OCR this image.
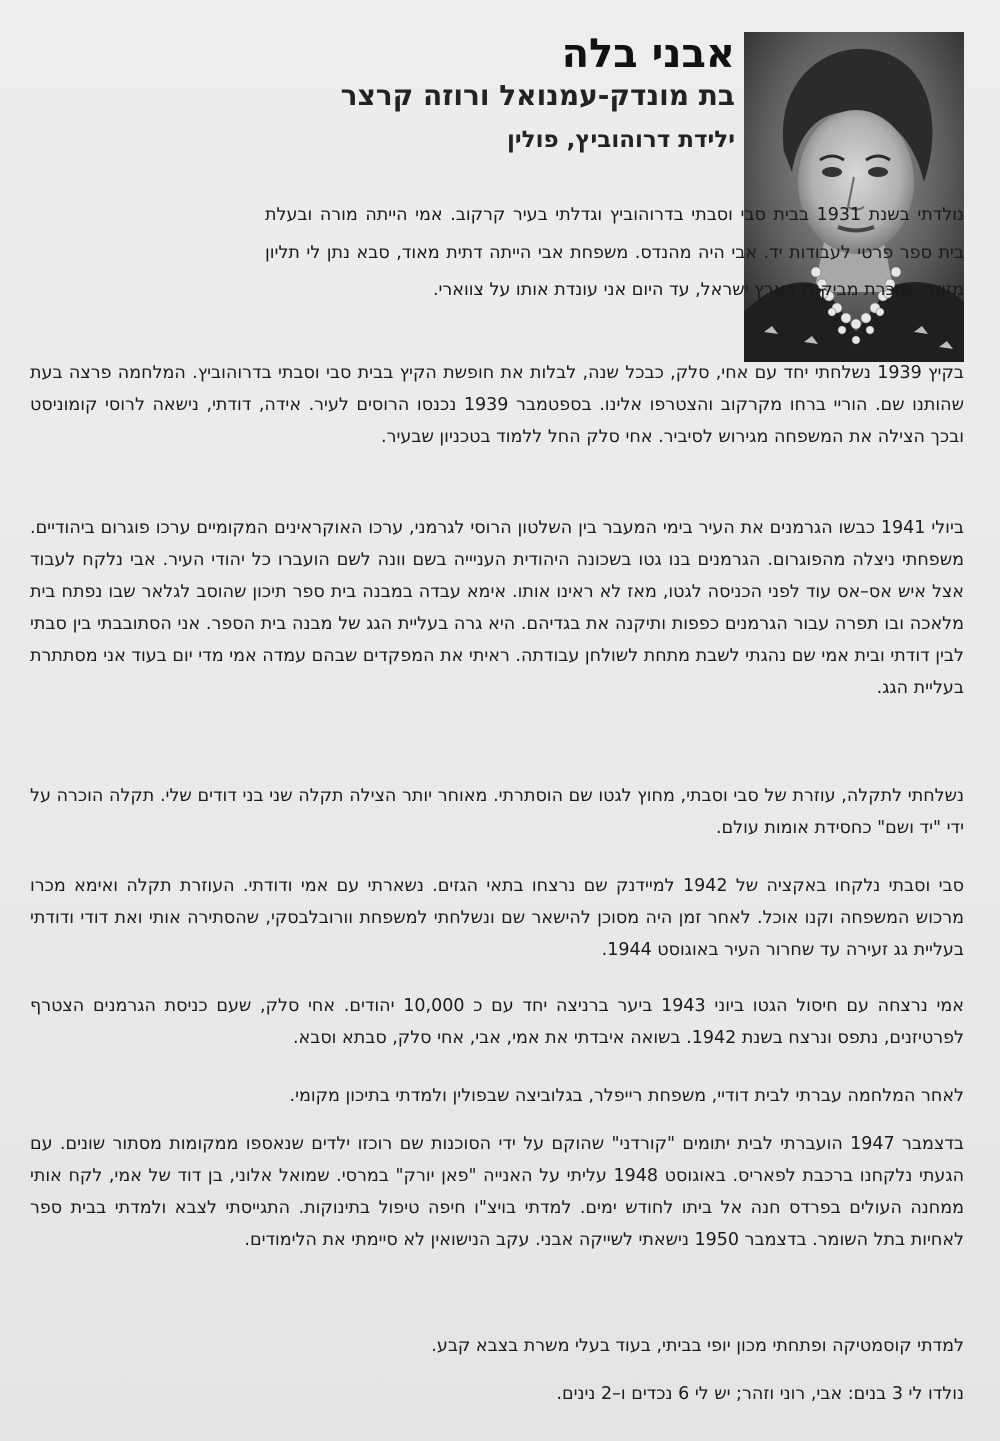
אבני בלה
בת מונדק-עמנואל ורוזה קרצר
ילידת דרוהוביץ, פולין

נולדתי בשנת 1931 בבית סבי וסבתי בדרוהוביץ וגדלתי בעיר קרקוב. אמי הייתה מורה ובעלת בית ספר פרטי לעבודות יד. אבי היה מהנדס. משפחת אבי הייתה דתית מאוד, סבא נתן לי תליון מזוזה, מזכרת מביקורו בארץ ישראל, עד היום אני עונדת אותו על צווארי.

בקיץ 1939 נשלחתי יחד עם אחי, סלק, כבכל שנה, לבלות את חופשת הקיץ בבית סבי וסבתי בדרוהוביץ. המלחמה פרצה בעת שהותנו שם. הוריי ברחו מקרקוב והצטרפו אלינו. בספטמבר 1939 נכנסו הרוסים לעיר. אידה, דודתי, נישאה לרוסי קומוניסט ובכך הצילה את המשפחה מגירוש לסיביר. אחי סלק החל ללמוד בטכניון שבעיר.

ביולי 1941 כבשו הגרמנים את העיר בימי המעבר בין השלטון הרוסי לגרמני, ערכו האוקראינים המקומיים ערכו פוגרום ביהודיים. משפחתי ניצלה מהפוגרום. הגרמנים בנו גטו בשכונה היהודית העניייה בשם וונה לשם הועברו כל יהודי העיר. אבי נלקח לעבוד אצל איש אס–אס עוד לפני הכניסה לגטו, מאז לא ראינו אותו. אימא עבדה במבנה בית ספר תיכון שהוסב לגלאר שבו נפתח בית מלאכה ובו תפרה עבור הגרמנים כפפות ותיקנה את בגדיהם. היא גרה בעליית הגג של מבנה בית הספר. אני הסתובבתי בין סבתי לבין דודתי ובית אמי שם נהגתי לשבת מתחת לשולחן עבודתה. ראיתי את המפקדים שבהם עמדה אמי מדי יום בעוד אני מסתתרת בעליית הגג.

נשלחתי לתקלה, עוזרת של סבי וסבתי, מחוץ לגטו שם הוסתרתי. מאוחר יותר הצילה תקלה שני בני דודים שלי. תקלה הוכרה על ידי "יד ושם" כחסידת אומות עולם.

סבי וסבתי נלקחו באקציה של 1942 למיידנק שם נרצחו בתאי הגזים. נשארתי עם אמי ודודתי. העוזרת תקלה ואימא מכרו מרכוש המשפחה וקנו אוכל. לאחר זמן היה מסוכן להישאר שם ונשלחתי למשפחת וורובלבסקי, שהסתירה אותי ואת דודי ודודתי בעליית גג זעירה עד שחרור העיר באוגוסט 1944.

אמי נרצחה עם חיסול הגטו ביוני 1943 ביער ברניצה יחד עם כ 10,000 יהודים. אחי סלק, שעם כניסת הגרמנים הצטרף לפרטיזנים, נתפס ונרצח בשנת 1942. בשואה איבדתי את אמי, אבי, אחי סלק, סבתא וסבא.

לאחר המלחמה עברתי לבית דודיי, משפחת רייפלר, בגלוביצה שבפולין ולמדתי בתיכון מקומי.

בדצמבר 1947 הועברתי לבית יתומים "קורדני" שהוקם על ידי הסוכנות שם רוכזו ילדים שנאספו ממקומות מסתור שונים. עם הגעתי נלקחנו ברכבת לפאריס. באוגוסט 1948 עליתי על האנייה "פאן יורק" במרסי. שמואל אלוני, בן דוד של אמי, לקח אותי ממחנה העולים בפרדס חנה אל ביתו לחודש ימים. למדתי בויצ"ו חיפה טיפול בתינוקות. התגייסתי לצבא ולמדתי בבית ספר לאחיות בתל השומר. בדצמבר 1950 נישאתי לשייקה אבני. עקב הנישואין לא סיימתי את הלימודים.

למדתי קוסמטיקה ופתחתי מכון יופי בביתי, בעוד בעלי משרת בצבא קבע.

נולדו לי 3 בנים: אבי, רוני וזהר; יש לי 6 נכדים ו–2 נינים.
